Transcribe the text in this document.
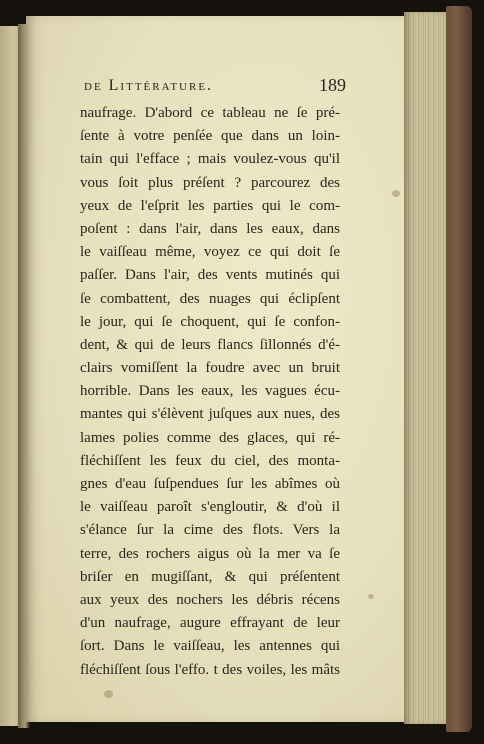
de Littérature.	189
naufrage. D'abord ce tableau ne ſe pré-
ſente à votre penſée que dans un loin-
tain qui l'efface ; mais voulez-vous qu'il
vous ſoit plus préſent ? parcourez des
yeux de l'eſprit les parties qui le com-
poſent : dans l'air, dans les eaux, dans
le vaiſſeau même, voyez ce qui doit ſe
paſſer. Dans l'air, des vents mutinés qui
ſe combattent, des nuages qui éclipſent
le jour, qui ſe choquent, qui ſe confon-
dent, & qui de leurs flancs ſillonnés d'é-
clairs vomiſſent la foudre avec un bruit
horrible. Dans les eaux, les vagues écu-
mantes qui s'élèvent juſques aux nues, des
lames polies comme des glaces, qui ré-
fléchiſſent les feux du ciel, des monta-
gnes d'eau ſuſpendues ſur les abîmes où
le vaiſſeau paroît s'engloutir, & d'où il
s'élance ſur la cime des flots. Vers la
terre, des rochers aigus où la mer va ſe
briſer en mugiſſant, & qui préſentent
aux yeux des nochers les débris récens
d'un naufrage, augure effrayant de leur
ſort. Dans le vaiſſeau, les antennes qui
fléchiſſent ſous l'effo. t des voiles, les mâts
